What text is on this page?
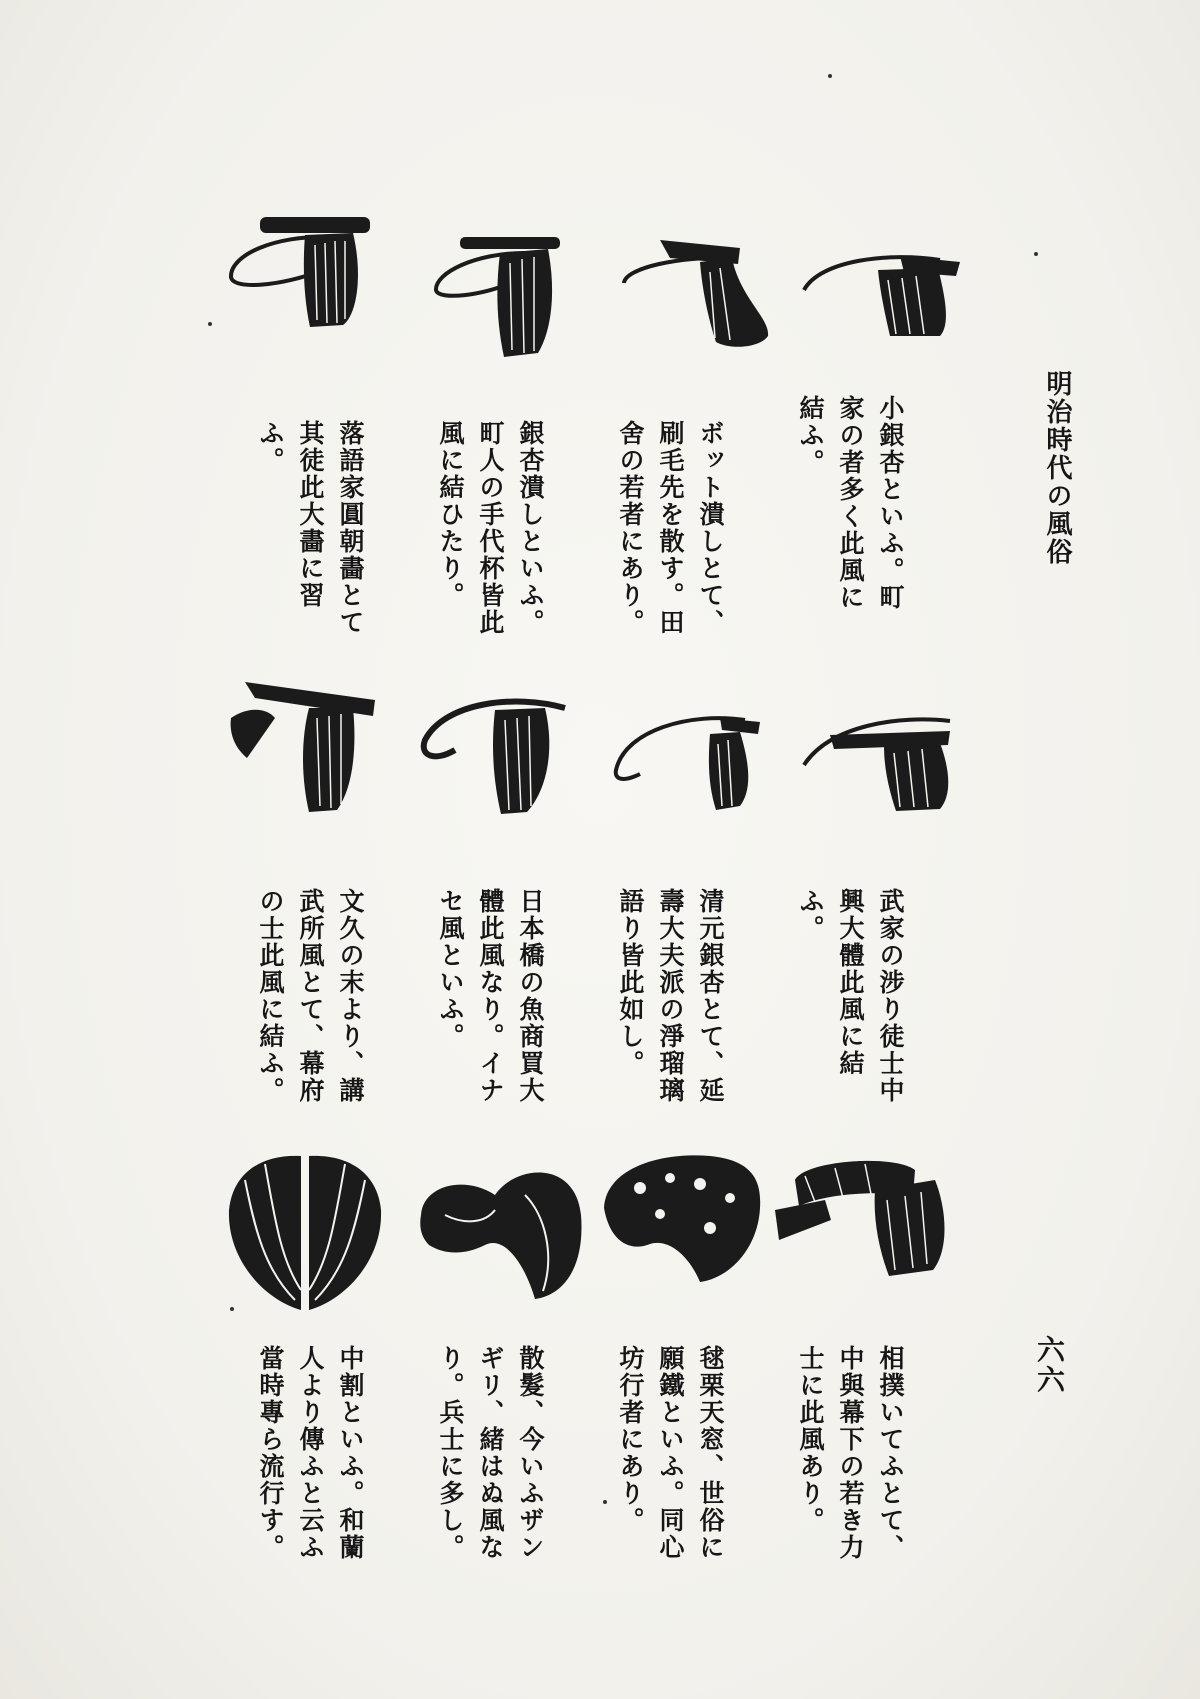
明治時代の風俗
六六
小銀杏といふ。町
家の者多く此風に
結ふ。
ボット潰しとて、
刷毛先を散す。田
舍の若者にあり。
銀杏潰しといふ。
町人の手代杯皆此
風に結ひたり。
落語家圓朝畵とて
其徒此大畵に習
ふ。
武家の涉り徒士中
興大體此風に結
ふ。
清元銀杏とて、延
壽大夫派の淨瑠璃
語り皆此如し。
日本橋の魚商買大
體此風なり。イナ
セ風といふ。
文久の末より、講
武所風とて、幕府
の士此風に結ふ。
相撲いてふとて、
中與幕下の若き力
士に此風あり。
毬栗天窓、世俗に
願鐵といふ。同心
坊行者にあり。
散髮、今いふザン
ギリ、緒はぬ風な
り。兵士に多し。
中割といふ。和蘭
人より傳ふと云ふ
當時專ら流行す。
